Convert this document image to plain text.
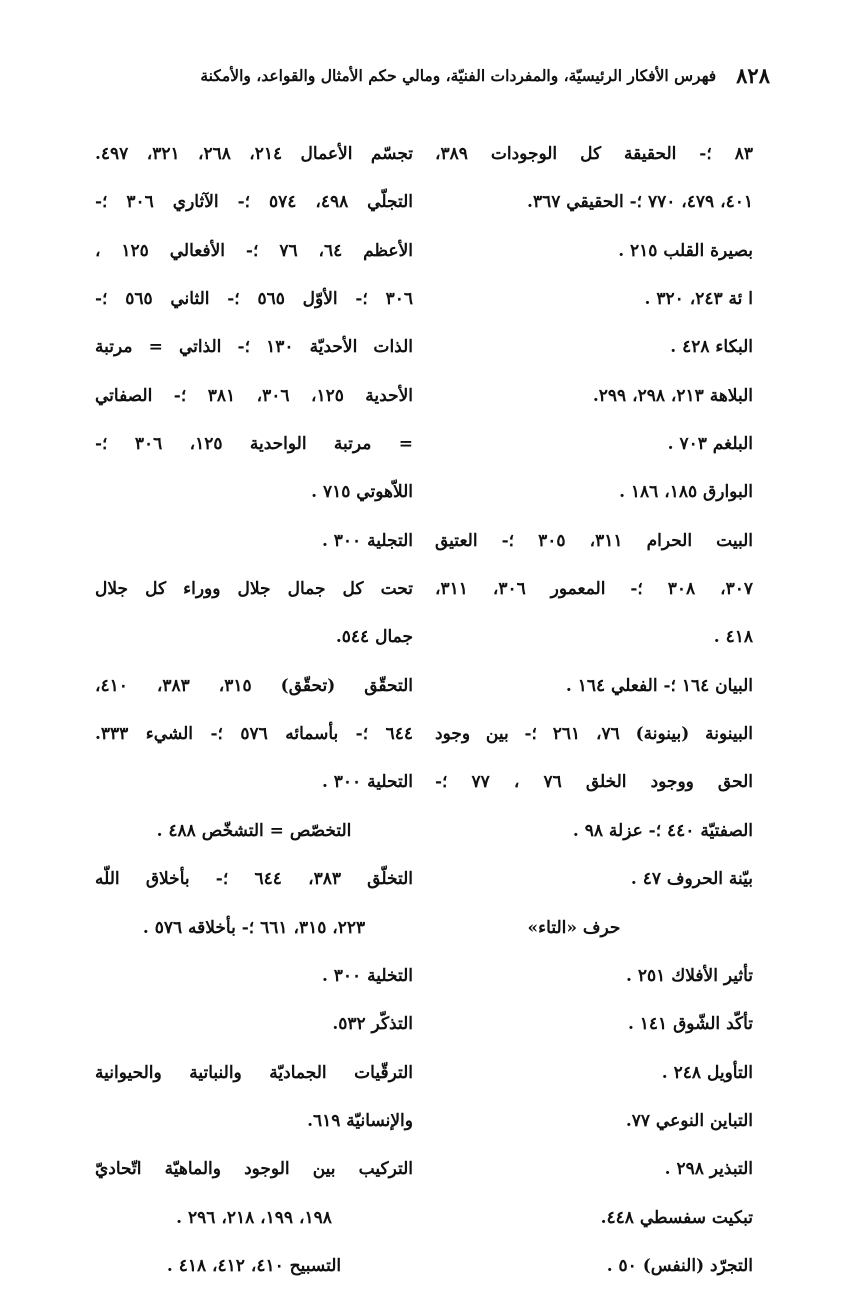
٨٢٨
فهرس الأفكار الرئيسيّة، والمفردات الفنيّة، ومالي حكم الأمثال والقواعد، والأمكنة
٨٣ ؛- الحقيقة كل الوجودات ٣٨٩،
٤٠١، ٤٧٩، ٧٧٠ ؛- الحقيقي ٣٦٧.
بصيرة القلب ٢١٥ .
ا ئة ٢٤٣، ٣٢٠ .
البكاء ٤٢٨ .
البلاهة ٢١٣، ٢٩٨، ٢٩٩.
البلغم ٧٠٣ .
البوارق ١٨٥، ١٨٦ .
البيت الحرام ٣١١، ٣٠٥ ؛- العتيق
٣٠٧، ٣٠٨ ؛- المعمور ٣٠٦، ٣١١،
٤١٨ .
البيان ١٦٤ ؛- الفعلي ١٦٤ .
البينونة (بينونة) ٧٦، ٢٦١ ؛- بين وجود
الحق ووجود الخلق ٧٦ ، ٧٧ ؛-
الصفتيّة ٤٤٠ ؛- عزلة ٩٨ .
بيّنة الحروف ٤٧ .
حرف «التاء»
تأثير الأفلاك ٢٥١ .
تأكّد الشّوق ١٤١ .
التأويل ٢٤٨ .
التباين النوعي ٧٧.
التبذير ٢٩٨ .
تبكيت سفسطي ٤٤٨.
التجرّد (النفس) ٥٠ .
تجسّم الأعمال ٢١٤، ٢٦٨، ٣٢١، ٤٩٧.
التجلّي ٤٩٨، ٥٧٤ ؛- الآثاري ٣٠٦ ؛-
الأعظم ٦٤، ٧٦ ؛- الأفعالي ١٢٥ ،
٣٠٦ ؛- الأوّل ٥٦٥ ؛- الثاني ٥٦٥ ؛-
الذات الأحديّة ١٣٠ ؛- الذاتي = مرتبة
الأحدية ١٢٥، ٣٠٦، ٣٨١ ؛- الصفاتي
= مرتبة الواحدية ١٢٥، ٣٠٦ ؛-
اللاّهوتي ٧١٥ .
التجلية ٣٠٠ .
تحت كل جمال جلال ووراء كل جلال
جمال ٥٤٤.
التحقّق (تحقّق) ٣١٥، ٣٨٣، ٤١٠،
٦٤٤ ؛- بأسمائه ٥٧٦ ؛- الشيء ٣٣٣.
التحلية ٣٠٠ .
التخصّص = التشخّص ٤٨٨ .
التخلّق ٣٨٣، ٦٤٤ ؛- بأخلاق اللّه
٢٢٣، ٣١٥، ٦٦١ ؛- بأخلاقه ٥٧٦ .
التخلية ٣٠٠ .
التذكّر ٥٣٢.
الترقّيات الجماديّة والنباتية والحيوانية
والإنسانيّة ٦١٩.
التركيب بين الوجود والماهيّة اتّحاديّ
١٩٨، ١٩٩، ٢١٨، ٢٩٦ .
التسبيح ٤١٠، ٤١٢، ٤١٨ .
